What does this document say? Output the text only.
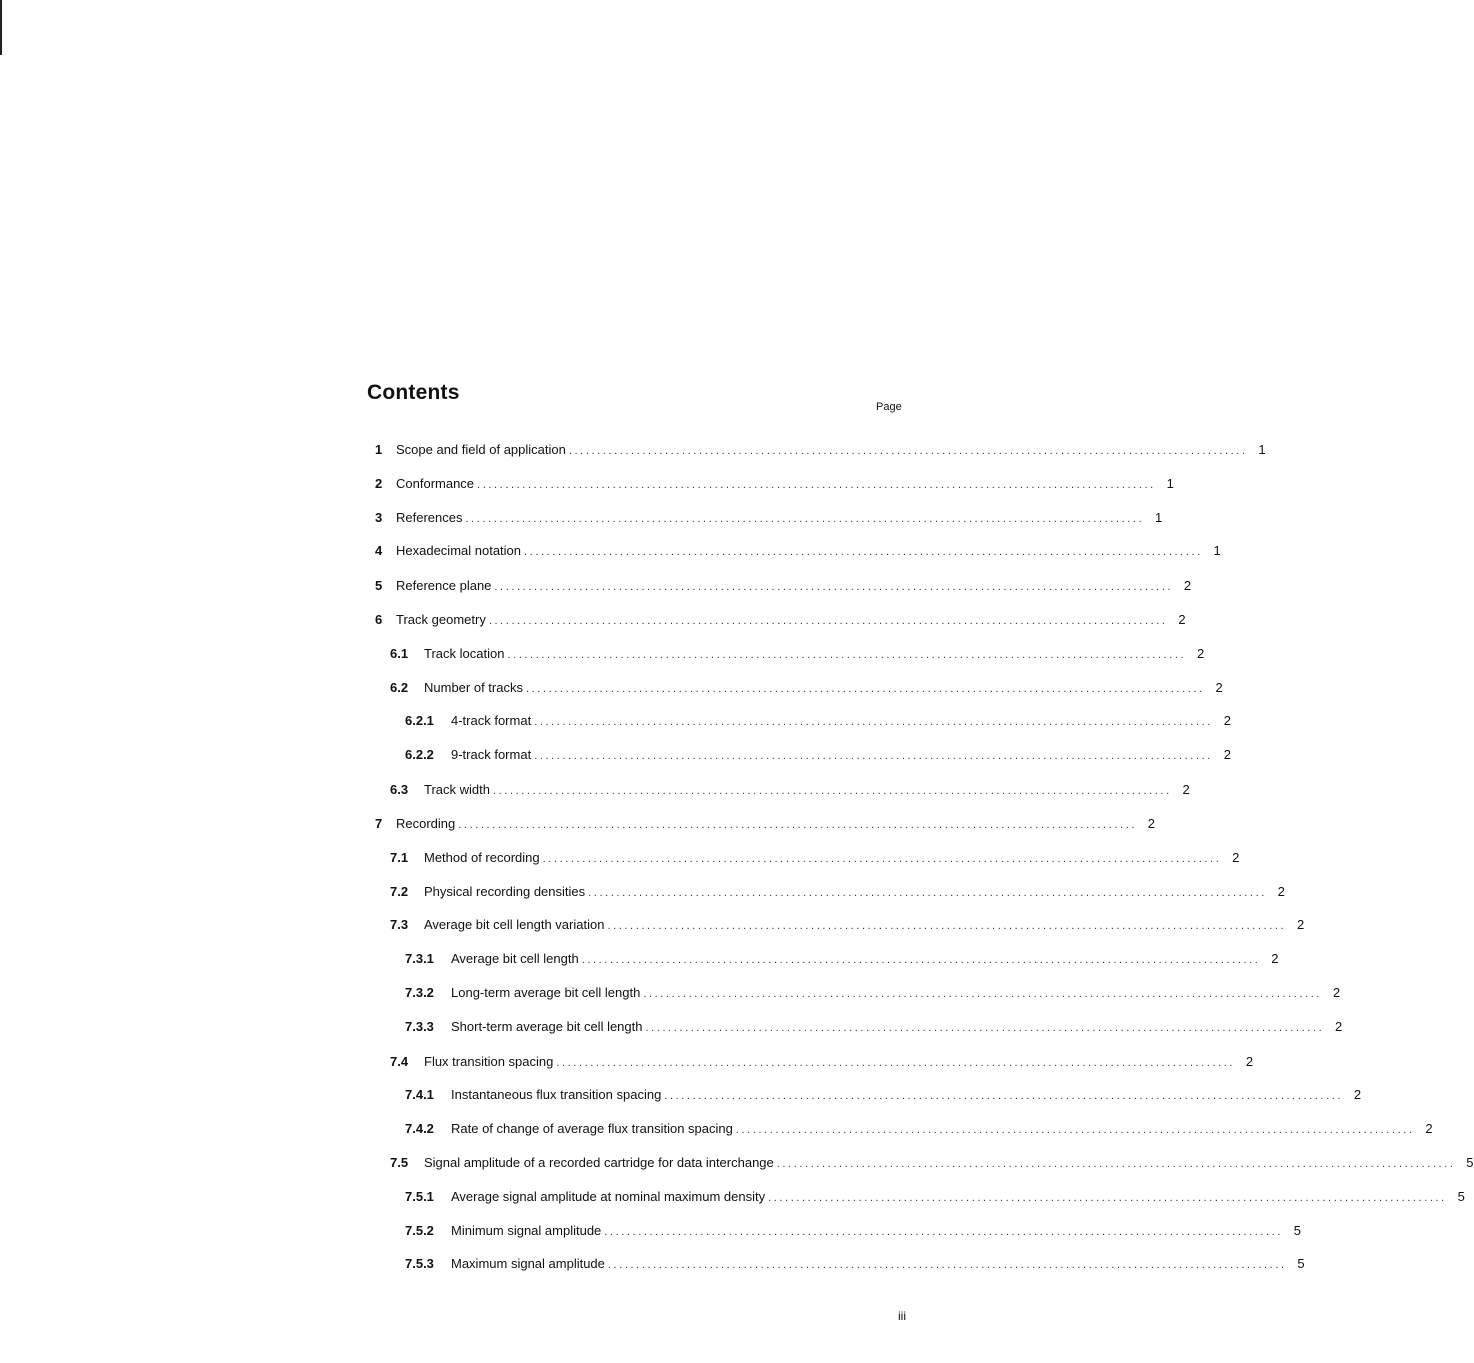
Contents
Page
1	Scope and field of application ........................................................................................................................ 1
2	Conformance ........................................................................................................................ 1
3	References ........................................................................................................................ 1
4	Hexadecimal notation ........................................................................................................................ 1
5	Reference plane ........................................................................................................................ 2
6	Track geometry ........................................................................................................................ 2
6.1	Track location ........................................................................................................................ 2
6.2	Number of tracks ........................................................................................................................ 2
6.2.1	4-track format ........................................................................................................................ 2
6.2.2	9-track format ........................................................................................................................ 2
6.3	Track width ........................................................................................................................ 2
7	Recording ........................................................................................................................ 2
7.1	Method of recording ........................................................................................................................ 2
7.2	Physical recording densities ........................................................................................................................ 2
7.3	Average bit cell length variation ........................................................................................................................ 2
7.3.1	Average bit cell length ........................................................................................................................ 2
7.3.2	Long-term average bit cell length ........................................................................................................................ 2
7.3.3	Short-term average bit cell length ........................................................................................................................ 2
7.4	Flux transition spacing ........................................................................................................................ 2
7.4.1	Instantaneous flux transition spacing ........................................................................................................................ 2
7.4.2	Rate of change of average flux transition spacing ........................................................................................................................ 2
7.5	Signal amplitude of a recorded cartridge for data interchange ........................................................................................................................ 5
7.5.1	Average signal amplitude at nominal maximum density ........................................................................................................................ 5
7.5.2	Minimum signal amplitude ........................................................................................................................ 5
7.5.3	Maximum signal amplitude ........................................................................................................................ 5
iii
